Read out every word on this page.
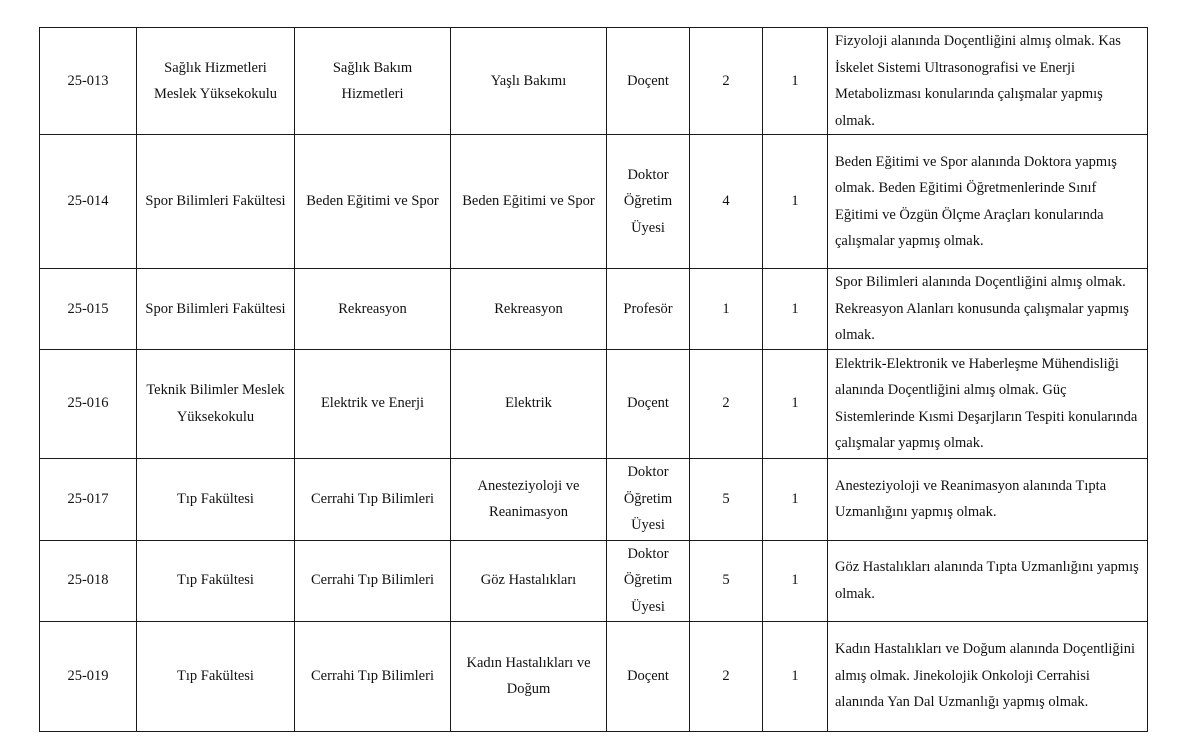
25-013	Sağlık Hizmetleri Meslek Yüksekokulu	Sağlık Bakım Hizmetleri	Yaşlı Bakımı	Doçent	2	1	Fizyoloji alanında Doçentliğini almış olmak. Kas İskelet Sistemi Ultrasonografisi ve Enerji Metabolizması konularında çalışmalar yapmış olmak.
25-014	Spor Bilimleri Fakültesi	Beden Eğitimi ve Spor	Beden Eğitimi ve Spor	Doktor Öğretim Üyesi	4	1	Beden Eğitimi ve Spor alanında Doktora yapmış olmak. Beden Eğitimi Öğretmenlerinde Sınıf Eğitimi ve Özgün Ölçme Araçları konularında çalışmalar yapmış olmak.
25-015	Spor Bilimleri Fakültesi	Rekreasyon	Rekreasyon	Profesör	1	1	Spor Bilimleri alanında Doçentliğini almış olmak. Rekreasyon Alanları konusunda çalışmalar yapmış olmak.
25-016	Teknik Bilimler Meslek Yüksekokulu	Elektrik ve Enerji	Elektrik	Doçent	2	1	Elektrik-Elektronik ve Haberleşme Mühendisliği alanında Doçentliğini almış olmak. Güç Sistemlerinde Kısmi Deşarjların Tespiti konularında çalışmalar yapmış olmak.
25-017	Tıp Fakültesi	Cerrahi Tıp Bilimleri	Anesteziyoloji ve Reanimasyon	Doktor Öğretim Üyesi	5	1	Anesteziyoloji ve Reanimasyon alanında Tıpta Uzmanlığını yapmış olmak.
25-018	Tıp Fakültesi	Cerrahi Tıp Bilimleri	Göz Hastalıkları	Doktor Öğretim Üyesi	5	1	Göz Hastalıkları alanında Tıpta Uzmanlığını yapmış olmak.
25-019	Tıp Fakültesi	Cerrahi Tıp Bilimleri	Kadın Hastalıkları ve Doğum	Doçent	2	1	Kadın Hastalıkları ve Doğum alanında Doçentliğini almış olmak. Jinekolojik Onkoloji Cerrahisi alanında Yan Dal Uzmanlığı yapmış olmak.
